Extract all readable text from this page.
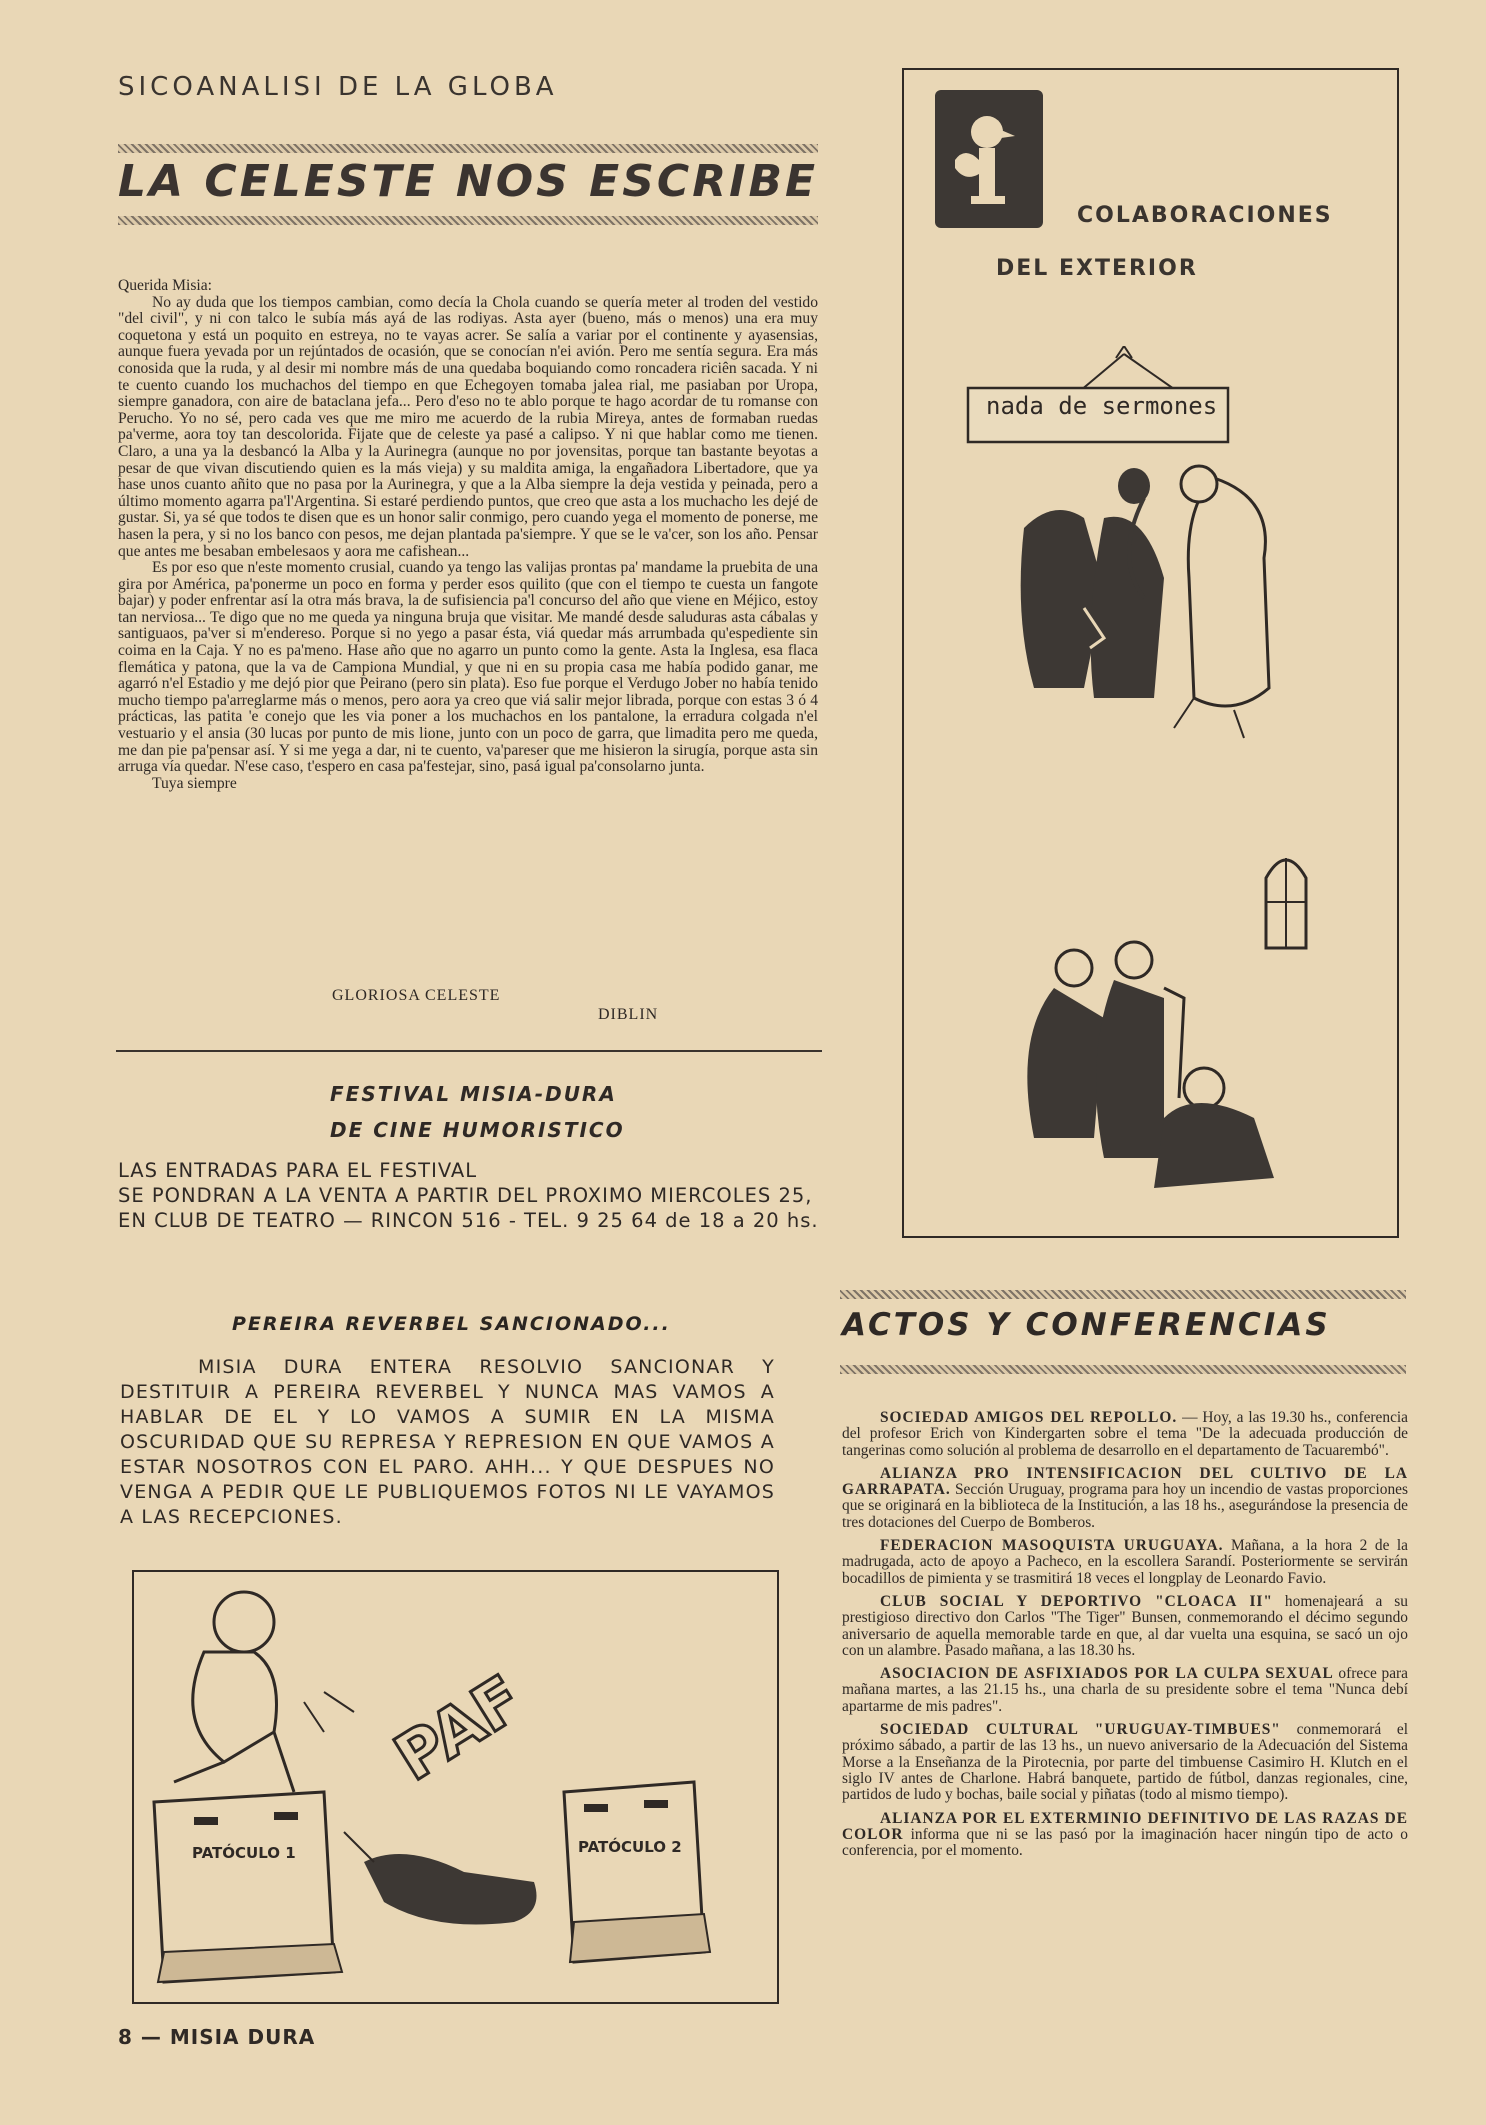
SICOANALISI DE LA GLOBA
LA CELESTE NOS ESCRIBE

Querida Misia:

No ay duda que los tiempos cambian, como decía la Chola cuando se quería meter al troden del vestido "del civil", y ni con talco le subía más ayá de las rodiyas. Asta ayer (bueno, más o menos) una era muy coquetona y está un poquito en estreya, no te vayas acrer. Se salía a variar por el continente y ayasensias, aunque fuera yevada por un rejúntados de ocasión, que se conocían n'ei avión. Pero me sentía segura. Era más conosida que la ruda, y al desir mi nombre más de una quedaba boquiando como roncadera riciên sacada. Y ni te cuento cuando los muchachos del tiempo en que Echegoyen tomaba jalea rial, me pasiaban por Uropa, siempre ganadora, con aire de bataclana jefa... Pero d'eso no te ablo porque te hago acordar de tu romanse con Perucho. Yo no sé, pero cada ves que me miro me acuerdo de la rubia Mireya, antes de formaban ruedas pa'verme, aora toy tan descolorida. Fijate que de celeste ya pasé a calipso. Y ni que hablar como me tienen. Claro, a una ya la desbancó la Alba y la Aurinegra (aunque no por jovensitas, porque tan bastante beyotas a pesar de que vivan discutiendo quien es la más vieja) y su maldita amiga, la engañadora Libertadore, que ya hase unos cuanto añito que no pasa por la Aurinegra, y que a la Alba siempre la deja vestida y peinada, pero a último momento agarra pa'l'Argentina. Si estaré perdiendo puntos, que creo que asta a los muchacho les dejé de gustar. Si, ya sé que todos te disen que es un honor salir conmigo, pero cuando yega el momento de ponerse, me hasen la pera, y si no los banco con pesos, me dejan plantada pa'siempre. Y que se le va'cer, son los año. Pensar que antes me besaban embelesaos y aora me cafishean...

Es por eso que n'este momento crusial, cuando ya tengo las valijas prontas pa' mandame la pruebita de una gira por América, pa'ponerme un poco en forma y perder esos quilito (que con el tiempo te cuesta un fangote bajar) y poder enfrentar así la otra más brava, la de sufisiencia pa'l concurso del año que viene en Méjico, estoy tan nerviosa... Te digo que no me queda ya ninguna bruja que visitar. Me mandé desde saluduras asta cábalas y santiguaos, pa'ver si m'endereso. Porque si no yego a pasar ésta, viá quedar más arrumbada qu'espediente sin coima en la Caja. Y no es pa'meno. Hase año que no agarro un punto como la gente. Asta la Inglesa, esa flaca flemática y patona, que la va de Campiona Mundial, y que ni en su propia casa me había podido ganar, me agarró n'el Estadio y me dejó pior que Peirano (pero sin plata). Eso fue porque el Verdugo Jober no había tenido mucho tiempo pa'arreglarme más o menos, pero aora ya creo que viá salir mejor librada, porque con estas 3 ó 4 prácticas, las patita 'e conejo que les via poner a los muchachos en los pantalone, la erradura colgada n'el vestuario y el ansia (30 lucas por punto de mis lione, junto con un poco de garra, que limadita pero me queda, me dan pie pa'pensar así. Y si me yega a dar, ni te cuento, va'pareser que me hisieron la sirugía, porque asta sin arruga vía quedar. N'ese caso, t'espero en casa pa'festejar, sino, pasá igual pa'consolarno junta.

Tuya siempre

GLORIOSA CELESTE
DIBLIN
FESTIVAL MISIA-DURA
DE CINE HUMORISTICO
LAS ENTRADAS PARA EL FESTIVAL
SE PONDRAN A LA VENTA A PARTIR DEL PROXIMO MIERCOLES 25,
EN CLUB DE TEATRO — RINCON 516 - TEL. 9 25 64 de 18 a 20 hs.
COLABORACIONES
DEL EXTERIOR
nada de sermones
PEREIRA REVERBEL SANCIONADO...
MISIA DURA ENTERA RESOLVIO SANCIONAR Y DESTITUIR A PEREIRA REVERBEL Y NUNCA MAS VAMOS A HABLAR DE EL Y LO VAMOS A SUMIR EN LA MISMA OSCURIDAD QUE SU REPRESA Y REPRESION EN QUE VAMOS A ESTAR NOSOTROS CON EL PARO. AHH... Y QUE DESPUES NO VENGA A PEDIR QUE LE PUBLIQUEMOS FOTOS NI LE VAYAMOS A LAS RECEPCIONES.
PAF
PATÓCULO 1	PATÓCULO 2
ACTOS Y CONFERENCIAS

SOCIEDAD AMIGOS DEL REPOLLO. — Hoy, a las 19.30 hs., conferencia del profesor Erich von Kindergarten sobre el tema "De la adecuada producción de tangerinas como solución al problema de desarrollo en el departamento de Tacuarembó".

ALIANZA PRO INTENSIFICACION DEL CULTIVO DE LA GARRAPATA. Sección Uruguay, programa para hoy un incendio de vastas proporciones que se originará en la biblioteca de la Institución, a las 18 hs., asegurándose la presencia de tres dotaciones del Cuerpo de Bomberos.

FEDERACION MASOQUISTA URUGUAYA. Mañana, a la hora 2 de la madrugada, acto de apoyo a Pacheco, en la escollera Sarandí. Posteriormente se servirán bocadillos de pimienta y se trasmitirá 18 veces el longplay de Leonardo Favio.

CLUB SOCIAL Y DEPORTIVO "CLOACA II" homenajeará a su prestigioso directivo don Carlos "The Tiger" Bunsen, conmemorando el décimo segundo aniversario de aquella memorable tarde en que, al dar vuelta una esquina, se sacó un ojo con un alambre. Pasado mañana, a las 18.30 hs.

ASOCIACION DE ASFIXIADOS POR LA CULPA SEXUAL ofrece para mañana martes, a las 21.15 hs., una charla de su presidente sobre el tema "Nunca debí apartarme de mis padres".

SOCIEDAD CULTURAL "URUGUAY-TIMBUES" conmemorará el próximo sábado, a partir de las 13 hs., un nuevo aniversario de la Adecuación del Sistema Morse a la Enseñanza de la Pirotecnia, por parte del timbuense Casimiro H. Klutch en el siglo IV antes de Charlone. Habrá banquete, partido de fútbol, danzas regionales, cine, partidos de ludo y bochas, baile social y piñatas (todo al mismo tiempo).

ALIANZA POR EL EXTERMINIO DEFINITIVO DE LAS RAZAS DE COLOR informa que ni se las pasó por la imaginación hacer ningún tipo de acto o conferencia, por el momento.

8 — MISIA DURA
